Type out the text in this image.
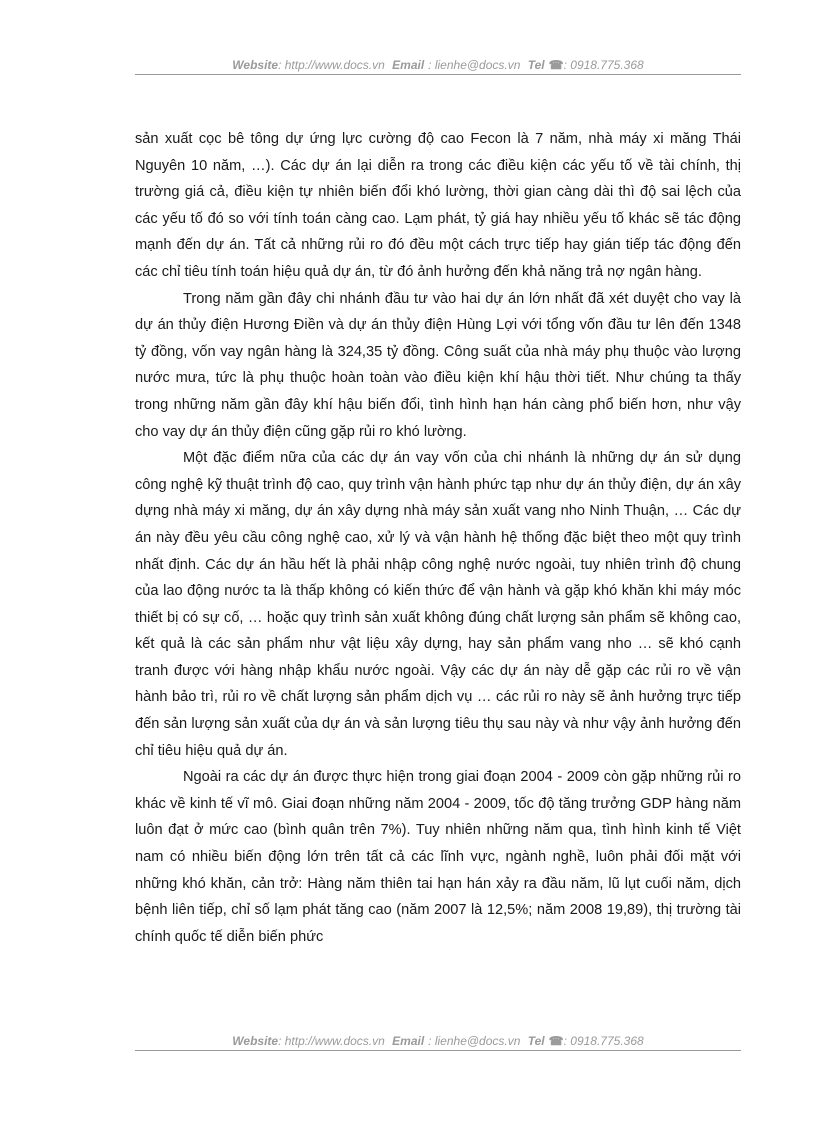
Website: http://www.docs.vn Email : lienhe@docs.vn Tel ☎: 0918.775.368

sản xuất cọc bê tông dự ứng lực cường độ cao Fecon là 7 năm, nhà máy xi măng Thái Nguyên 10 năm, …). Các dự án lại diễn ra trong các điều kiện các yếu tố về tài chính, thị trường giá cả, điều kiện tự nhiên biến đổi khó lường, thời gian càng dài thì độ sai lệch của các yếu tố đó so với tính toán càng cao. Lạm phát, tỷ giá hay nhiều yếu tố khác sẽ tác động mạnh đến dự án. Tất cả những rủi ro đó đều một cách trực tiếp hay gián tiếp tác động đến các chỉ tiêu tính toán hiệu quả dự án, từ đó ảnh hưởng đến khả năng trả nợ ngân hàng.

Trong năm gần đây chi nhánh đầu tư vào hai dự án lớn nhất đã xét duyệt cho vay là dự án thủy điện Hương Điền và dự án thủy điện Hùng Lợi với tổng vốn đầu tư lên đến 1348 tỷ đồng, vốn vay ngân hàng là 324,35 tỷ đồng. Công suất của nhà máy phụ thuộc vào lượng nước mưa, tức là phụ thuộc hoàn toàn vào điều kiện khí hậu thời tiết. Như chúng ta thấy trong những năm gần đây khí hậu biến đổi, tình hình hạn hán càng phổ biến hơn, như vậy cho vay dự án thủy điện cũng gặp rủi ro khó lường.

Một đặc điểm nữa của các dự án vay vốn của chi nhánh là những dự án sử dụng công nghệ kỹ thuật trình độ cao, quy trình vận hành phức tạp như dự án thủy điện, dự án xây dựng nhà máy xi măng, dự án xây dựng nhà máy sản xuất vang nho Ninh Thuận, … Các dự án này đều yêu cầu công nghệ cao, xử lý và vận hành hệ thống đặc biệt theo một quy trình nhất định. Các dự án hầu hết là phải nhập công nghệ nước ngoài, tuy nhiên trình độ chung của lao động nước ta là thấp không có kiến thức để vận hành và gặp khó khăn khi máy móc thiết bị có sự cố, … hoặc quy trình sản xuất không đúng chất lượng sản phẩm sẽ không cao, kết quả là các sản phẩm như vật liệu xây dựng, hay sản phẩm vang nho … sẽ khó cạnh tranh được với hàng nhập khẩu nước ngoài. Vậy các dự án này dễ gặp các rủi ro về vận hành bảo trì, rủi ro về chất lượng sản phẩm dịch vụ … các rủi ro này sẽ ảnh hưởng trực tiếp đến sản lượng sản xuất của dự án và sản lượng tiêu thụ sau này và như vậy ảnh hưởng đến chỉ tiêu hiệu quả dự án.

Ngoài ra các dự án được thực hiện trong giai đoạn 2004 - 2009 còn gặp những rủi ro khác về kinh tế vĩ mô. Giai đoạn những năm 2004 - 2009, tốc độ tăng trưởng GDP hàng năm luôn đạt ở mức cao (bình quân trên 7%). Tuy nhiên những năm qua, tình hình kinh tế Việt nam có nhiều biến động lớn trên tất cả các lĩnh vực, ngành nghề, luôn phải đối mặt với những khó khăn, cản trở: Hàng năm thiên tai hạn hán xảy ra đầu năm, lũ lụt cuối năm, dịch bệnh liên tiếp, chỉ số lạm phát tăng cao (năm 2007 là 12,5%; năm 2008 19,89), thị trường tài chính quốc tế diễn biến phức

Website: http://www.docs.vn Email : lienhe@docs.vn Tel ☎: 0918.775.368
